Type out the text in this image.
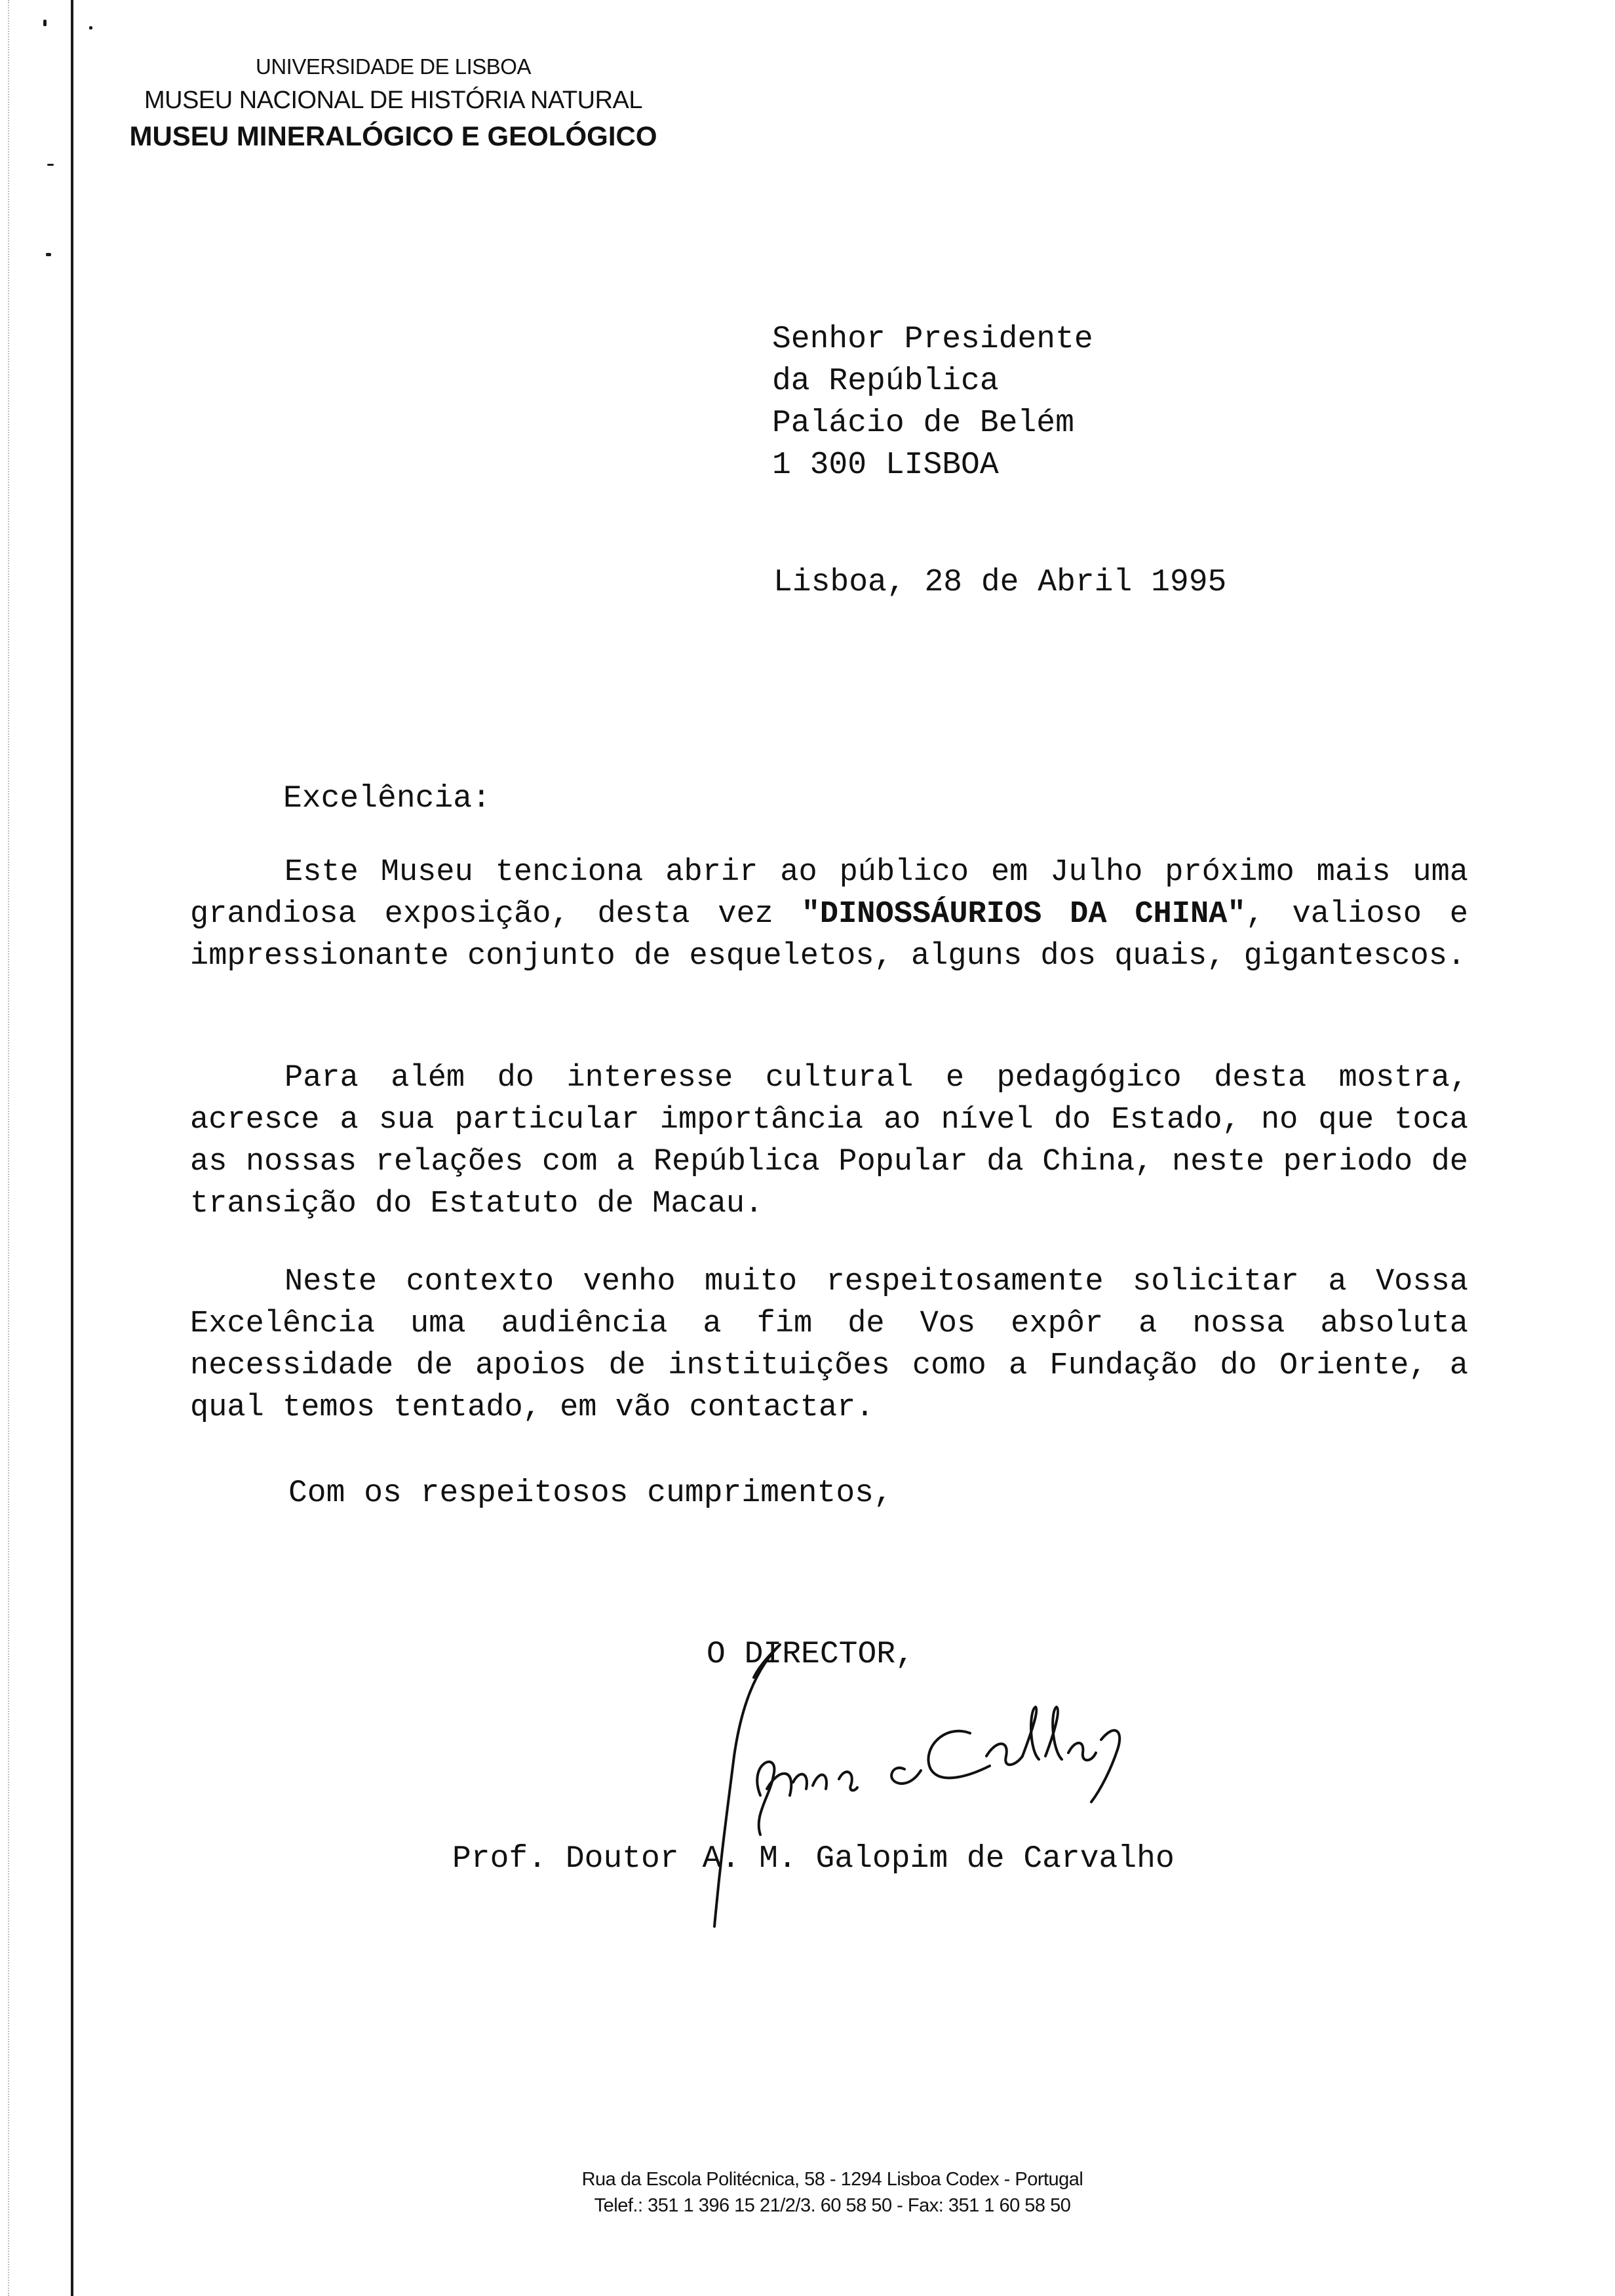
UNIVERSIDADE DE LISBOA
MUSEU NACIONAL DE HISTÓRIA NATURAL
MUSEU MINERALÓGICO E GEOLÓGICO
Senhor Presidente
da República
Palácio de Belém
1 300 LISBOA
Lisboa, 28 de Abril 1995
Excelência:
Este Museu tenciona abrir ao público em Julho próximo mais uma grandiosa exposição, desta vez "DINOSSÁURIOS DA CHINA", valioso e impressionante conjunto de esqueletos, alguns dos quais, gigantescos.
Para além do interesse cultural e pedagógico desta mostra, acresce a sua particular importância ao nível do Estado, no que toca as nossas relações com a República Popular da China, neste periodo de transição do Estatuto de Macau.
Neste contexto venho muito respeitosamente solicitar a Vossa Excelência uma audiência a fim de Vos expôr a nossa absoluta necessidade de apoios de instituições como a Fundação do Oriente, a qual temos tentado, em vão contactar.
Com os respeitosos cumprimentos,
O DIRECTOR,
Prof. Doutor A. M. Galopim de Carvalho
Rua da Escola Politécnica, 58 - 1294 Lisboa Codex - Portugal
Telef.: 351 1 396 15 21/2/3. 60 58 50 - Fax: 351 1 60 58 50
